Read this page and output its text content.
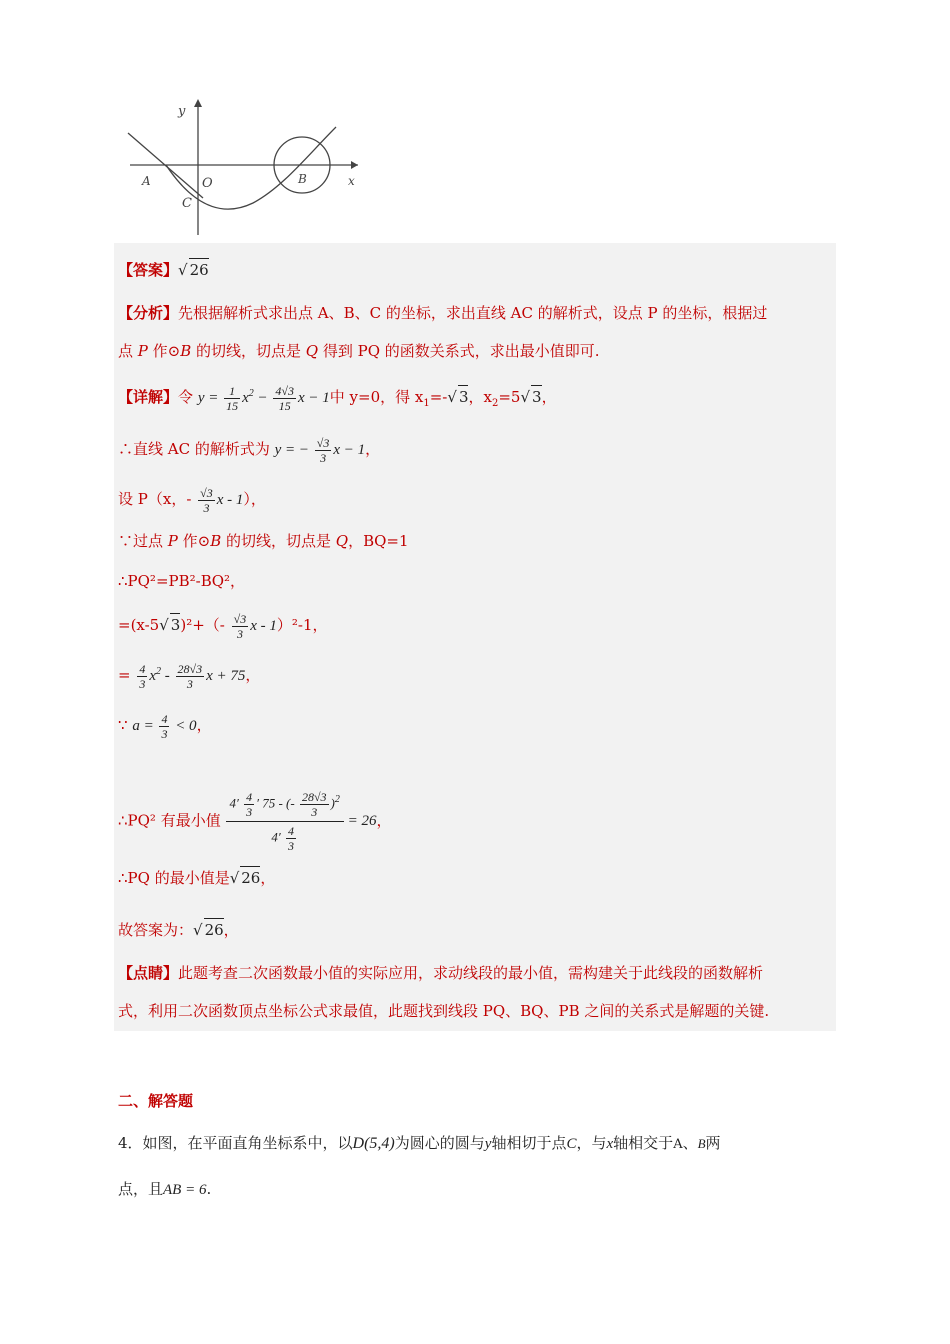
A	O
C
B
y
x
【答案】√ 26
【分析】先根据解析式求出点 A、B、C 的坐标，求出直线 AC 的解析式，设点 P 的坐标，根据过
点 P 作⊙B 的切线，切点是 Q 得到 PQ 的函数关系式，求出最小值即可.
【详解】令 $y = \frac{1}{15} x^2 - \frac{4√3}{15}$ x − 1中 y=0，得 $x_1=-√$ 3，$x_2=5√$ 3，
∴直线 AC 的解析式为 y = − $\frac{√3}{3}$ x − 1，
设 P（x，- $\frac{√3}{3}$ x - 1），
∵过点 P 作⊙B 的切线，切点是 Q，BQ=1
∴PQ²=PB²-BQ²，
=(x-5√ $3)^2+(- \frac{√3}{3}$ x - 1）²-1，
= $\frac{4}{3} x^2 - \frac{28√3}{3}$ x + 75，
∵ $a = \frac{4}{3} < 0$，
∴PQ² 有最小值 $\frac{4' \frac{4}{3} ' 75 - (- \frac{28√3}{3} )^2}{4' \frac{4}{3}} = 26$，
∴PQ 的最小值是√ 26，
故答案为：√ 26，
【点睛】此题考查二次函数最小值的实际应用，求动线段的最小值，需构建关于此线段的函数解析
式，利用二次函数顶点坐标公式求最值，此题找到线段 PQ、BQ、PB 之间的关系式是解题的关键.
二、解答题
4．如图，在平面直角坐标系中，以D(5,4)为圆心的圆与y轴相切于点C，与x轴相交于A、B两
点，且AB = 6.
